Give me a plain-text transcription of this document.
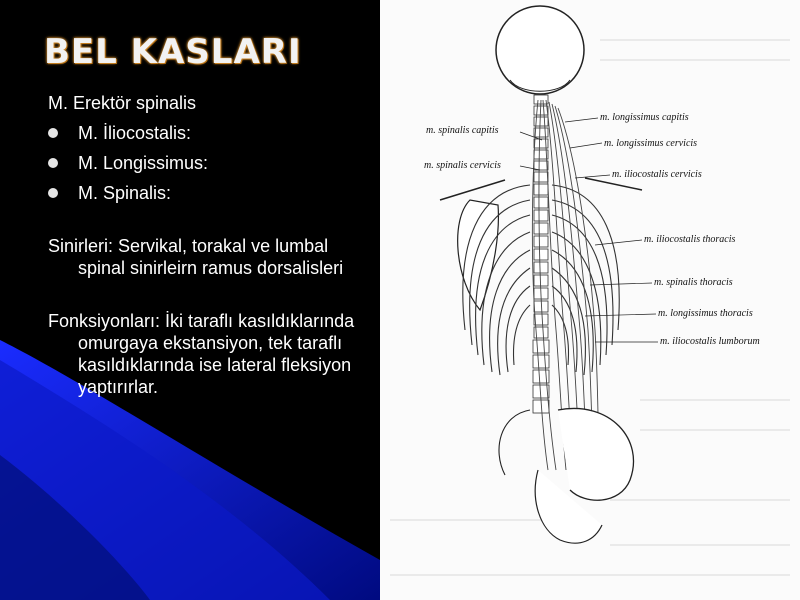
BEL KASLARI

M. Erektör spinalis

M. İliocostalis:
M. Longissimus:
M. Spinalis:

Sinirleri: Servikal, torakal ve lumbal spinal sinirleirn ramus dorsalisleri

Fonksiyonları: İki taraflı kasıldıklarında omurgaya ekstansiyon, tek taraflı kasıldıklarında ise lateral fleksiyon yaptırırlar.

m. spinalis capitis
m. spinalis cervicis
m. longissimus capitis
m. longissimus cervicis
m. iliocostalis cervicis
m. iliocostalis thoracis
m. spinalis thoracis
m. longissimus thoracis
m. iliocostalis lumborum
